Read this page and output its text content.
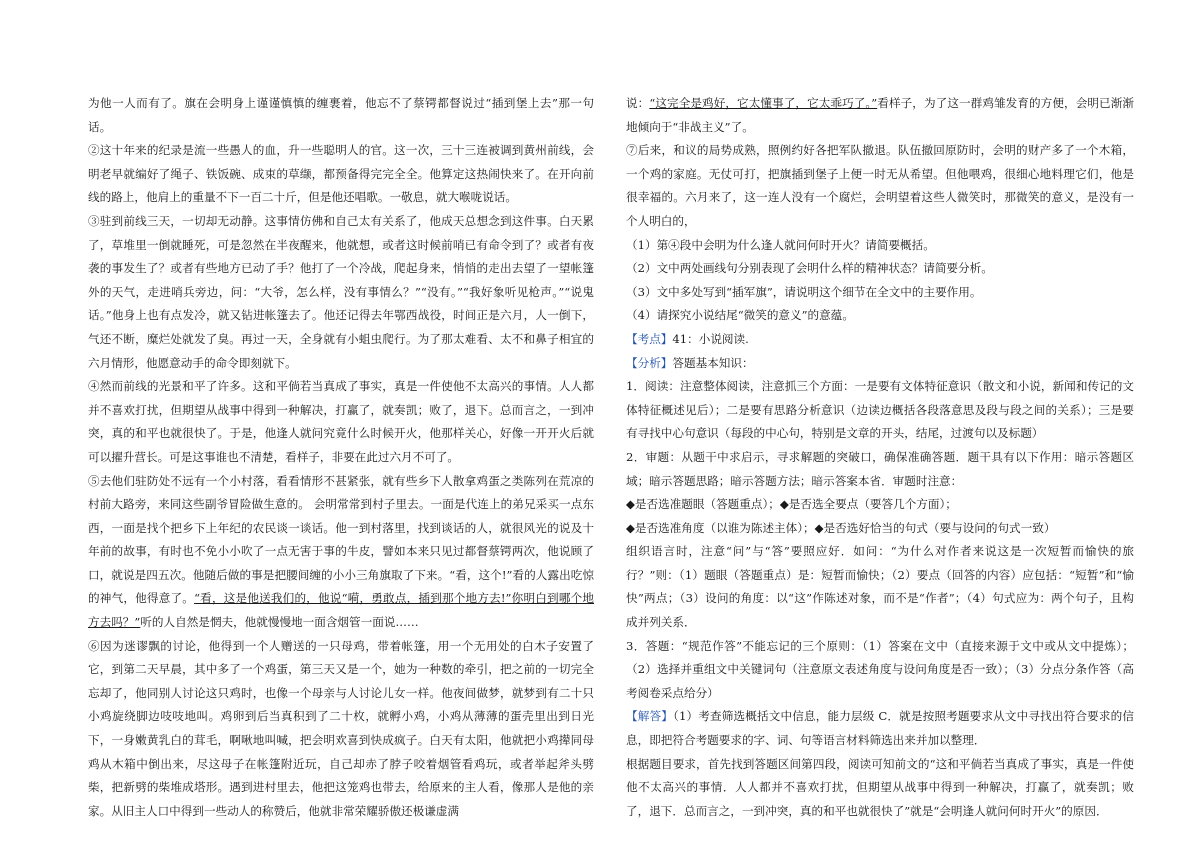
为他一人而有了。旗在会明身上谨谨慎慎的缠裹着，他忘不了蔡锷都督说过“插到堡上去”那一句话。

②这十年来的纪录是流一些愚人的血，升一些聪明人的官。这一次，三十三连被调到黄州前线，会明老早就编好了绳子、铁饭碗、成束的草缬，都预备得完完全全。他算定这热闹快来了。在开向前线的路上，他肩上的重量不下一百二十斤，但是他还唱歌。一敬息，就大喉咙说话。

③驻到前线三天，一切却无动静。这事情仿佛和自己太有关系了，他成天总想念到这件事。白天累了，草堆里一倒就睡死，可是忽然在半夜醒来，他就想，或者这时候前哨已有命令到了？或者有夜袭的事发生了？或者有些地方已动了手？他打了一个冷战，爬起身来，悄悄的走出去望了一望帐篷外的天气，走进哨兵旁边，问：“大爷，怎么样，没有事情么？”“没有。”“我好象听见枪声。”“说鬼话。”他身上也有点发冷，就又钻进帐篷去了。他还记得去年鄂西战役，时间正是六月，人一倒下，气还不断，糜烂处就发了臭。再过一天，全身就有小蛆虫爬行。为了那太难看、太不和鼻子相宜的六月情形，他愿意动手的命令即刻就下。

④然而前线的光景和平了许多。这和平倘若当真成了事实，真是一件使他不太高兴的事情。人人都并不喜欢打扰，但期望从战事中得到一种解决，打赢了，就奏凯；败了，退下。总而言之，一到冲突，真的和平也就很快了。于是，他逢人就问究竟什么时候开火，他那样关心，好像一开开火后就可以擢升营长。可是这事谁也不清楚，看样子，非要在此过六月不可了。

⑤去他们驻防处不远有一个小村落，看看情形不甚紧张，就有些乡下人散拿鸡蛋之类陈列在荒凉的村前大路旁，来同这些副爷冒险做生意的。 会明常常到村子里去。一面是代连上的弟兄采买一点东西，一面是找个把乡下上年纪的农民谈一谈话。他一到村落里，找到谈话的人，就很风光的说及十年前的故事，有时也不免小小吹了一点无害于事的牛皮，譬如本来只见过都督蔡锷两次，他说顾了口，就说是四五次。他随后做的事是把腰间缠的小小三角旗取了下来。“看，这个!”看的人露出吃惊的神气，他得意了。“看，这是他送我们的，他说“嗬，勇敢点，插到那个地方去!”你明白到哪个地方去吗？”听的人自然是惘夫，他就慢慢地一面含烟管一面说……

⑥因为迷谬飘的讨论，他得到一个人赠送的一只母鸡，带着帐篷，用一个无用处的白木子安置了它，到第二天早晨，其中多了一个鸡蛋，第三天又是一个，她为一种数的牵引，把之前的一切完全忘却了，他同别人讨论这只鸡时，也像一个母亲与人讨论儿女一样。他夜间做梦，就梦到有二十只小鸡旋绕脚边吱吱地叫。鸡卵到后当真积到了二十枚，就孵小鸡，小鸡从薄薄的蛋壳里出到日光下，一身嫩黄乳白的茸毛，啊啾地叫喊，把会明欢喜到快成疯子。白天有太阳，他就把小鸡撵同母鸡从木箱中倒出来，尽这母子在帐篷附近玩，自己却赤了脖子咬着烟管看鸡玩，或者举起斧头劈柴，把新劈的柴堆成塔形。遇到进村里去，他把这笼鸡也带去，给原来的主人看，像那人是他的亲家。从旧主人口中得到一些动人的称赞后，他就非常荣耀骄傲还极谦虚满

说：“这完全是鸡好，它太懂事了，它太乖巧了。”看样子，为了这一群鸡雏发育的方便，会明已渐渐地倾向于“非战主义”了。

⑦后来，和议的局势成熟，照例约好各把军队撤退。队伍撤回原防时，会明的财产多了一个木箱，一个鸡的家庭。无仗可打，把旗插到堡子上便一时无从希望。但他喂鸡，很细心地料理它们，他是很幸福的。六月来了，这一连人没有一个腐烂，会明望着这些人微笑时，那微笑的意义，是没有一个人明白的，

（1）第④段中会明为什么逢人就问何时开火？请简要概括。

（2）文中两处画线句分别表现了会明什么样的精神状态？请简要分析。

（3）文中多处写到“插军旗”，请说明这个细节在全文中的主要作用。

（4）请探究小说结尾“微笑的意义”的意蕴。

【考点】41：小说阅读.

【分析】答题基本知识：

1．阅读：注意整体阅读，注意抓三个方面：一是要有文体特征意识（散文和小说，新闻和传记的文体特征概述见后）；二是要有思路分析意识（边读边概括各段落意思及段与段之间的关系）；三是要有寻找中心句意识（每段的中心句，特别是文章的开头，结尾，过渡句以及标题）

2．审题：从题干中求启示，寻求解题的突破口，确保准确答题．题干具有以下作用：暗示答题区域；暗示答题思路；暗示答题方法；暗示答案本省．审题时注意：

◆是否选准题眼（答题重点）；◆是否选全要点（要答几个方面）；

◆是否选准角度（以谁为陈述主体）；◆是否选好恰当的句式（要与设问的句式一致）

组织语言时，注意“问”与“答”要照应好．如问：“为什么对作者来说这是一次短暂而愉快的旅行？”则：（1）题眼（答题重点）是：短暂而愉快；（2）要点（回答的内容）应包括：“短暂”和“愉快”两点；（3）设问的角度：以“这”作陈述对象，而不是“作者”；（4）句式应为：两个句子，且构成并列关系．

3．答题：“规范作答”不能忘记的三个原则：（1）答案在文中（直接来源于文中或从文中提炼）；（2）选择并重组文中关键词句（注意原文表述角度与设问角度是否一致）；（3）分点分条作答（高考阅卷采点给分）

【解答】（1）考查筛选概括文中信息，能力层级 C．就是按照考题要求从文中寻找出符合要求的信息，即把符合考题要求的字、词、句等语言材料筛选出来并加以整理．

根据题目要求，首先找到答题区间第四段，阅读可知前文的“这和平倘若当真成了事实，真是一件使他不太高兴的事情．人人都并不喜欢打扰，但期望从战事中得到一种解决，打赢了，就奏凯；败了，退下．总而言之，一到冲突，真的和平也就很快了”就是“会明逢人就问何时开火”的原因．
